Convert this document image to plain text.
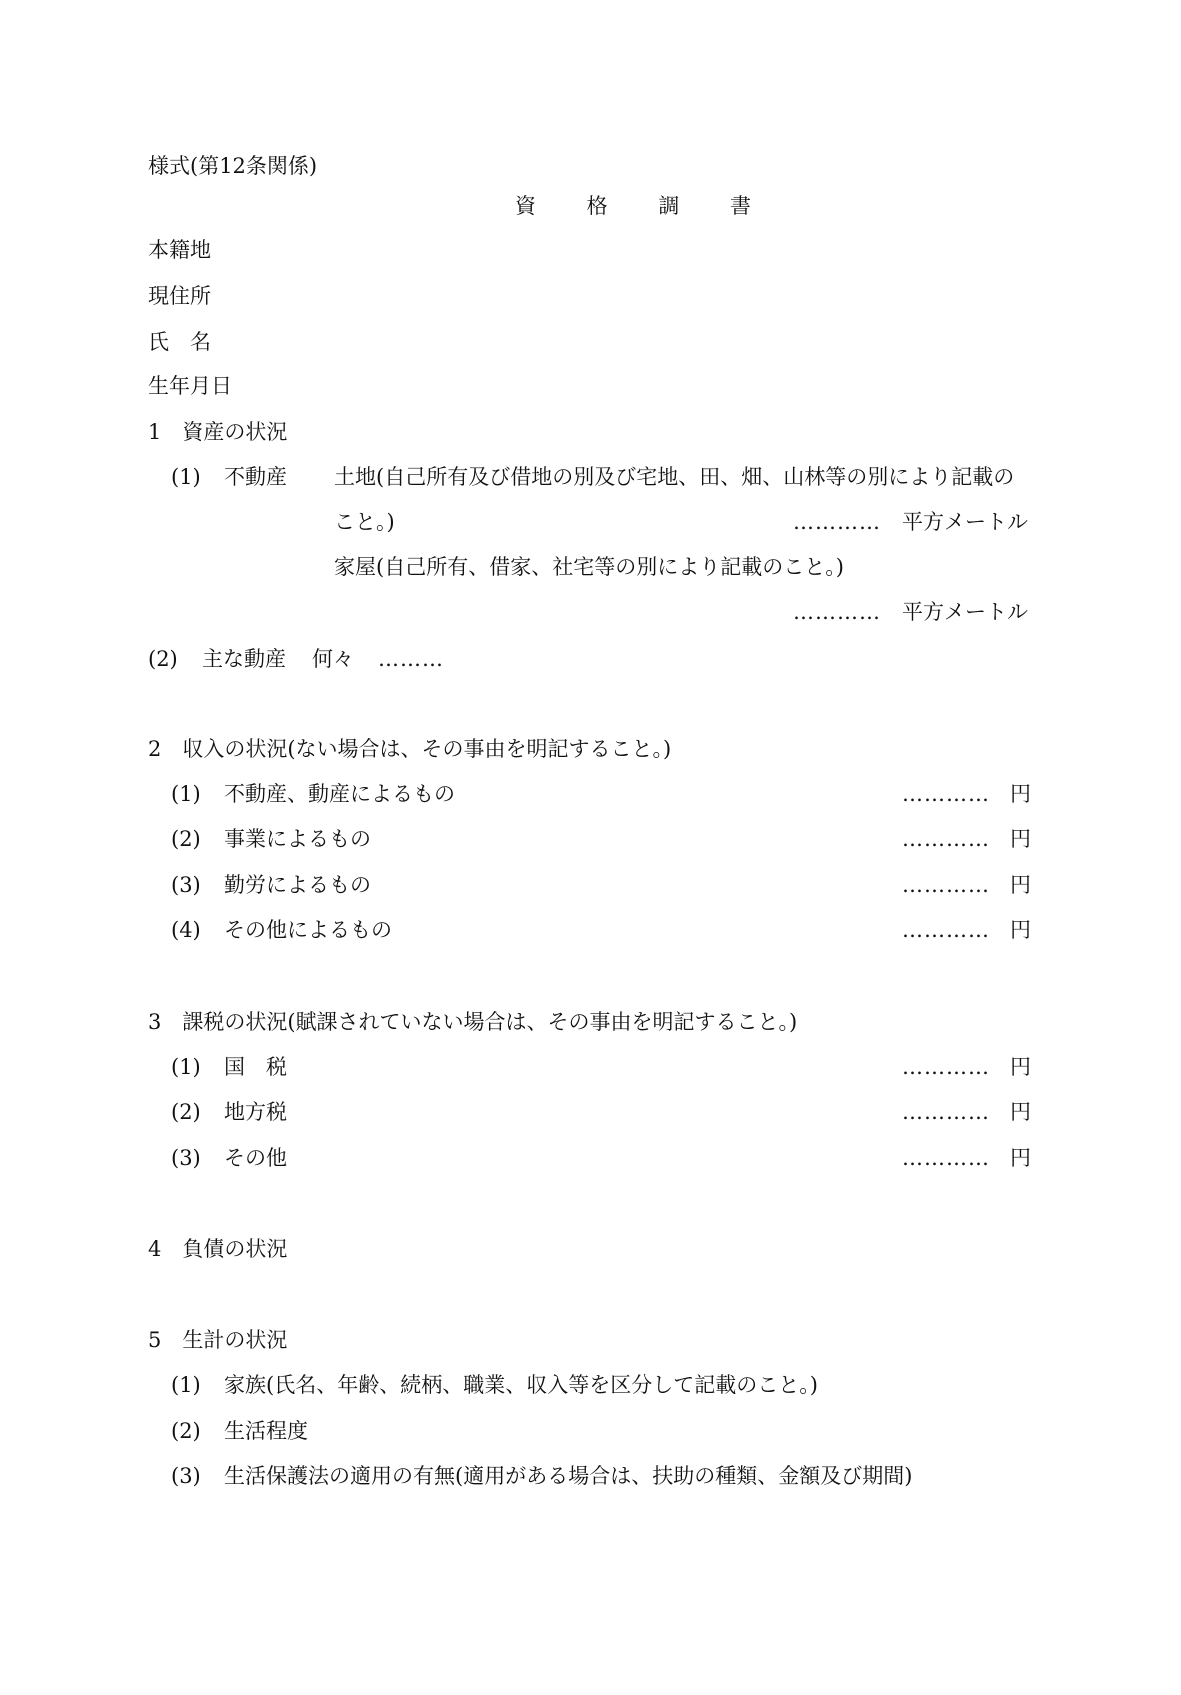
様式(第12条関係)
資 格 調 書
本籍地
現住所
氏　名
生年月日
1　資産の状況
(1) 不動産 土地(自己所有及び借地の別及び宅地、田、畑、山林等の別により記載の
こと。)	………… 平方メートル
家屋(自己所有、借家、社宅等の別により記載のこと。)
………… 平方メートル
(2) 主な動産 何々 ………
2　収入の状況(ない場合は、その事由を明記すること。)
(1) 不動産、動産によるもの	………… 円
(2) 事業によるもの	………… 円
(3) 勤労によるもの	………… 円
(4) その他によるもの	………… 円
3　課税の状況(賦課されていない場合は、その事由を明記すること。)
(1) 国　税	………… 円
(2) 地方税	………… 円
(3) その他	………… 円
4　負債の状況
5　生計の状況
(1) 家族(氏名、年齢、続柄、職業、収入等を区分して記載のこと。)
(2) 生活程度
(3) 生活保護法の適用の有無(適用がある場合は、扶助の種類、金額及び期間)
